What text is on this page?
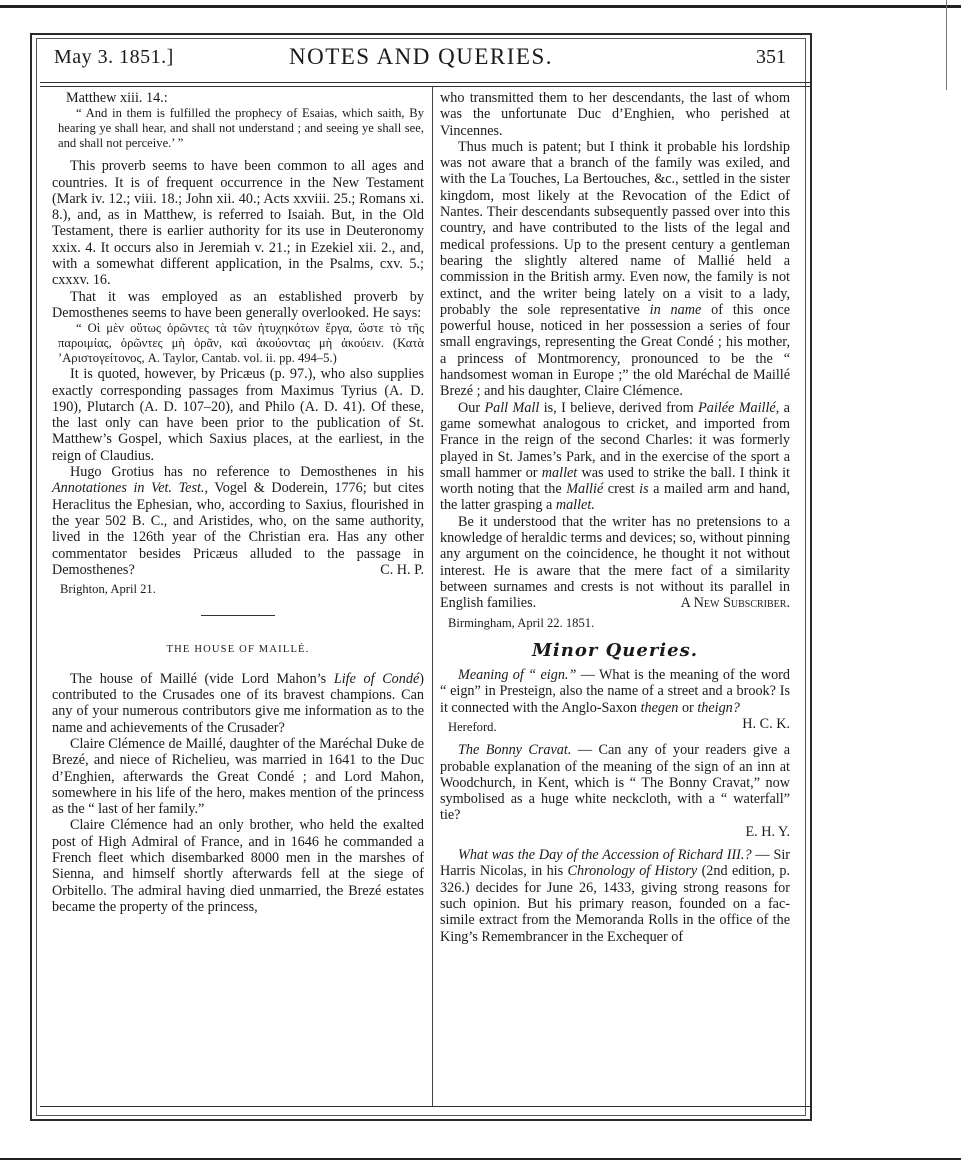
May 3. 1851.]	NOTES AND QUERIES.	351

Matthew xiii. 14.:

“ And in them is fulfilled the prophecy of Esaias, which saith, By hearing ye shall hear, and shall not understand ; and seeing ye shall see, and shall not perceive.’ ”

This proverb seems to have been common to all ages and countries. It is of frequent occurrence in the New Testament (Mark iv. 12.; viii. 18.; John xii. 40.; Acts xxviii. 25.; Romans xi. 8.), and, as in Matthew, is referred to Isaiah. But, in the Old Testament, there is earlier authority for its use in Deuteronomy xxix. 4. It occurs also in Jeremiah v. 21.; in Ezekiel xii. 2., and, with a somewhat different application, in the Psalms, cxv. 5.; cxxxv. 16.

That it was employed as an established proverb by Demosthenes seems to have been generally overlooked. He says:

“ Οἱ μὲν οὕτως ὁρῶντες τὰ τῶν ἠτυχηκότων ἔργα, ὥστε τὸ τῆς παροιμίας, ὁρῶντες μὴ ὁρᾶν, καὶ ἀκούοντας μὴ ἀκούειν. (Κατὰ ’Αριστογείτονος, A. Taylor, Cantab. vol. ii. pp. 494–5.)

It is quoted, however, by Pricæus (p. 97.), who also supplies exactly corresponding passages from Maximus Tyrius (A. D. 190), Plutarch (A. D. 107–20), and Philo (A. D. 41). Of these, the last only can have been prior to the publication of St. Matthew’s Gospel, which Saxius places, at the earliest, in the reign of Claudius.

Hugo Grotius has no reference to Demosthenes in his Annotationes in Vet. Test., Vogel & Doderein, 1776; but cites Heraclitus the Ephesian, who, according to Saxius, flourished in the year 502 B. C., and Aristides, who, on the same authority, lived in the 126th year of the Christian era. Has any other commentator besides Pricæus alluded to the passage in Demosthenes?	C. H. P.

Brighton, April 21.

THE HOUSE OF MAILLÉ.

The house of Maillé (vide Lord Mahon’s Life of Condé) contributed to the Crusades one of its bravest champions. Can any of your numerous contributors give me information as to the name and achievements of the Crusader?

Claire Clémence de Maillé, daughter of the Maréchal Duke de Brezé, and niece of Richelieu, was married in 1641 to the Duc d’Enghien, afterwards the Great Condé ; and Lord Mahon, somewhere in his life of the hero, makes mention of the princess as the “ last of her family.”

Claire Clémence had an only brother, who held the exalted post of High Admiral of France, and in 1646 he commanded a French fleet which disembarked 8000 men in the marshes of Sienna, and himself shortly afterwards fell at the siege of Orbitello. The admiral having died unmarried, the Brezé estates became the property of the princess,

who transmitted them to her descendants, the last of whom was the unfortunate Duc d’Enghien, who perished at Vincennes.

Thus much is patent; but I think it probable his lordship was not aware that a branch of the family was exiled, and with the La Touches, La Bertouches, &c., settled in the sister kingdom, most likely at the Revocation of the Edict of Nantes. Their descendants subsequently passed over into this country, and have contributed to the lists of the legal and medical professions. Up to the present century a gentleman bearing the slightly altered name of Mallié held a commission in the British army. Even now, the family is not extinct, and the writer being lately on a visit to a lady, probably the sole representative in name of this once powerful house, noticed in her possession a series of four small engravings, representing the Great Condé ; his mother, a princess of Montmorency, pronounced to be the “ handsomest woman in Europe ;” the old Maréchal de Maillé Brezé ; and his daughter, Claire Clémence.

Our Pall Mall is, I believe, derived from Pailée Maillé, a game somewhat analogous to cricket, and imported from France in the reign of the second Charles: it was formerly played in St. James’s Park, and in the exercise of the sport a small hammer or mallet was used to strike the ball. I think it worth noting that the Mallié crest is a mailed arm and hand, the latter grasping a mallet.

Be it understood that the writer has no pretensions to a knowledge of heraldic terms and devices; so, without pinning any argument on the coincidence, he thought it not without interest. He is aware that the mere fact of a similarity between surnames and crests is not without its parallel in English families.	A New Subscriber.

Birmingham, April 22. 1851.

Minor Queries.

Meaning of “ eign.” — What is the meaning of the word “ eign” in Presteign, also the name of a street and a brook? Is it connected with the Anglo-Saxon thegen or theign?
H. C. K.

Hereford.

The Bonny Cravat. — Can any of your readers give a probable explanation of the meaning of the sign of an inn at Woodchurch, in Kent, which is “ The Bonny Cravat,” now symbolised as a huge white neckcloth, with a “ waterfall” tie?

E. H. Y.

What was the Day of the Accession of Richard III.? — Sir Harris Nicolas, in his Chronology of History (2nd edition, p. 326.) decides for June 26, 1433, giving strong reasons for such opinion. But his primary reason, founded on a fac-simile extract from the Memoranda Rolls in the office of the King’s Remembrancer in the Exchequer of
